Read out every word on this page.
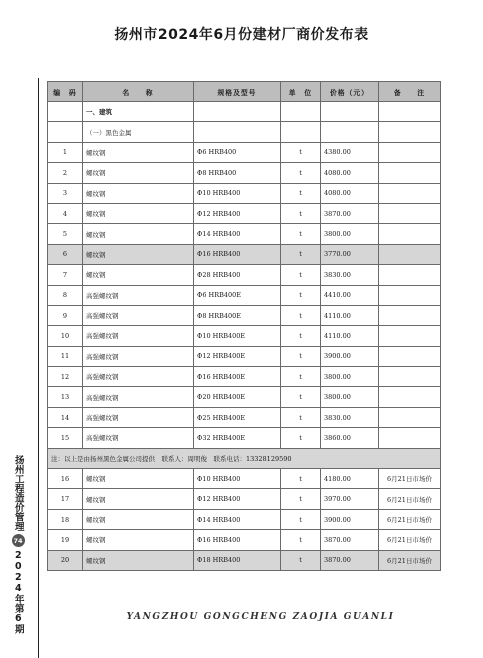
扬州市2024年6月份建材厂商价发布表
扬州工程造价管理
74
2024年第6期
编　码	名　　称	规格及型号	单　位	价格（元）	备　　注
	一、建筑				
	（一）黑色金属				
1	螺纹钢	Φ6 HRB400	t	4380.00	
2	螺纹钢	Φ8 HRB400	t	4080.00	
3	螺纹钢	Φ10 HRB400	t	4080.00	
4	螺纹钢	Φ12 HRB400	t	3870.00	
5	螺纹钢	Φ14 HRB400	t	3800.00	
6	螺纹钢	Φ16 HRB400	t	3770.00	
7	螺纹钢	Φ28 HRB400	t	3830.00	
8	高强螺纹钢	Φ6 HRB400E	t	4410.00	
9	高强螺纹钢	Φ8 HRB400E	t	4110.00	
10	高强螺纹钢	Φ10 HRB400E	t	4110.00	
11	高强螺纹钢	Φ12 HRB400E	t	3900.00	
12	高强螺纹钢	Φ16 HRB400E	t	3800.00	
13	高强螺纹钢	Φ20 HRB400E	t	3800.00	
14	高强螺纹钢	Φ25 HRB400E	t	3830.00	
15	高强螺纹钢	Φ32 HRB400E	t	3860.00	
注：以上是由扬州黑色金属公司提供　联系人：周明俊　联系电话：13328129590					
16	螺纹钢	Φ10 HRB400	t	4180.00	6月21日市场价
17	螺纹钢	Φ12 HRB400	t	3970.00	6月21日市场价
18	螺纹钢	Φ14 HRB400	t	3900.00	6月21日市场价
19	螺纹钢	Φ16 HRB400	t	3870.00	6月21日市场价
20	螺纹钢	Φ18 HRB400	t	3870.00	6月21日市场价
YANGZHOU GONGCHENG ZAOJIA GUANLI
